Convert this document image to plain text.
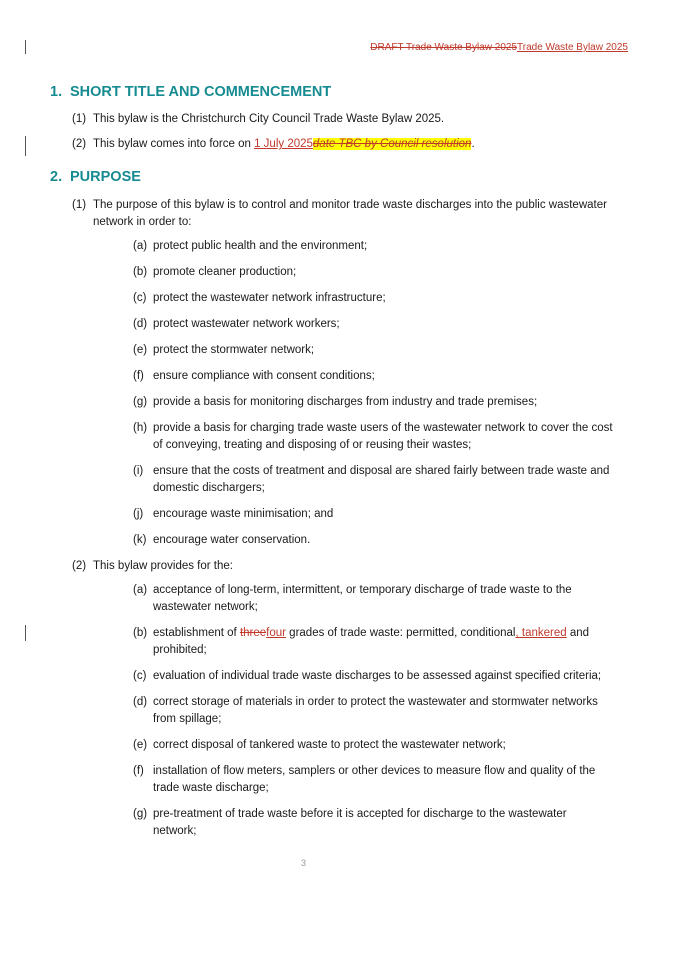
DRAFT Trade Waste Bylaw 2025Trade Waste Bylaw 2025
1. SHORT TITLE AND COMMENCEMENT
(1) This bylaw is the Christchurch City Council Trade Waste Bylaw 2025.
(2) This bylaw comes into force on 1 July 2025date TBC by Council resolution.
2. PURPOSE
(1) The purpose of this bylaw is to control and monitor trade waste discharges into the public wastewater
network in order to:
(a) protect public health and the environment;
(b) promote cleaner production;
(c) protect the wastewater network infrastructure;
(d) protect wastewater network workers;
(e) protect the stormwater network;
(f) ensure compliance with consent conditions;
(g) provide a basis for monitoring discharges from industry and trade premises;
(h) provide a basis for charging trade waste users of the wastewater network to cover the cost
of conveying, treating and disposing of or reusing their wastes;
(i) ensure that the costs of treatment and disposal are shared fairly between trade waste and
domestic dischargers;
(j) encourage waste minimisation; and
(k) encourage water conservation.
(2) This bylaw provides for the:
(a) acceptance of long-term, intermittent, or temporary discharge of trade waste to the
wastewater network;
(b) establishment of threefour grades of trade waste: permitted, conditional, tankered and
prohibited;
(c) evaluation of individual trade waste discharges to be assessed against specified criteria;
(d) correct storage of materials in order to protect the wastewater and stormwater networks
from spillage;
(e) correct disposal of tankered waste to protect the wastewater network;
(f) installation of flow meters, samplers or other devices to measure flow and quality of the
trade waste discharge;
(g) pre-treatment of trade waste before it is accepted for discharge to the wastewater
network;
3
